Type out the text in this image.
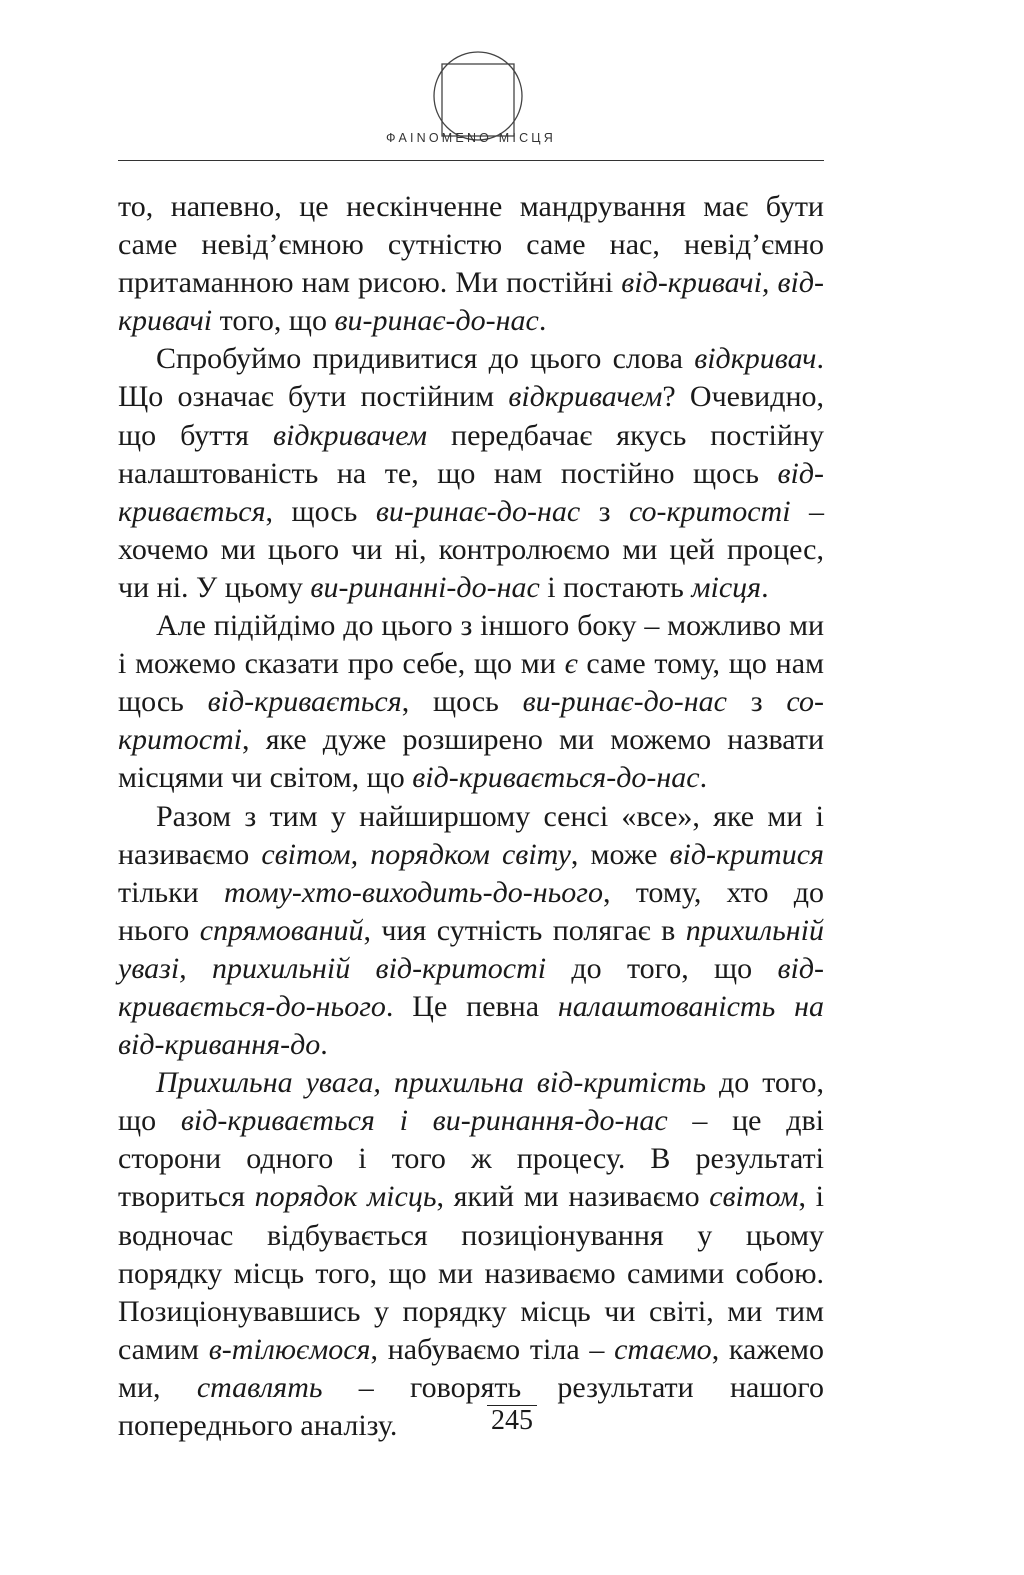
ФАІNOMENO МІСЦЯ

то, напевно, це нескінченне мандрування має бути саме невід’ємною сутністю саме нас, невід’ємно притаманною нам рисою. Ми постійні від-кривачі, від-кривачі того, що ви-ринає-до-нас.

Спробуймо придивитися до цього слова відкривач. Що означає бути постійним відкривачем? Очевидно, що буття відкривачем передбачає якусь постійну налаштованість на те, що нам постійно щось від-кривається, щось ви-ринає-до-нас з со-критості – хочемо ми цього чи ні, контролюємо ми цей процес, чи ні. У цьому ви-ринанні-до-нас і постають місця.

Але підійдімо до цього з іншого боку – можливо ми і можемо сказати про себе, що ми є саме тому, що нам щось від-кривається, щось ви-ринає-до-нас з со-критості, яке дуже розширено ми можемо назвати місцями чи світом, що від-кривається-до-нас.

Разом з тим у найширшому сенсі «все», яке ми і називаємо світом, порядком світу, може від-критися тільки тому-хто-виходить-до-нього, тому, хто до нього спрямований, чия сутність полягає в прихильній увазі, прихильній від-критості до того, що від-кривається-до-нього. Це певна налаштованість на від-кривання-до.

Прихильна увага, прихильна від-критість до того, що від-кривається і ви-ринання-до-нас – це дві сторони одного і того ж процесу. В результаті твориться порядок місць, який ми називаємо світом, і водночас відбувається позиціонування у цьому порядку місць того, що ми називаємо самими собою. Позиціонувавшись у порядку місць чи світі, ми тим самим в-тілюємося, набуваємо тіла – стаємо, кажемо ми, ставлять – говорять результати нашого попереднього аналізу.	245
